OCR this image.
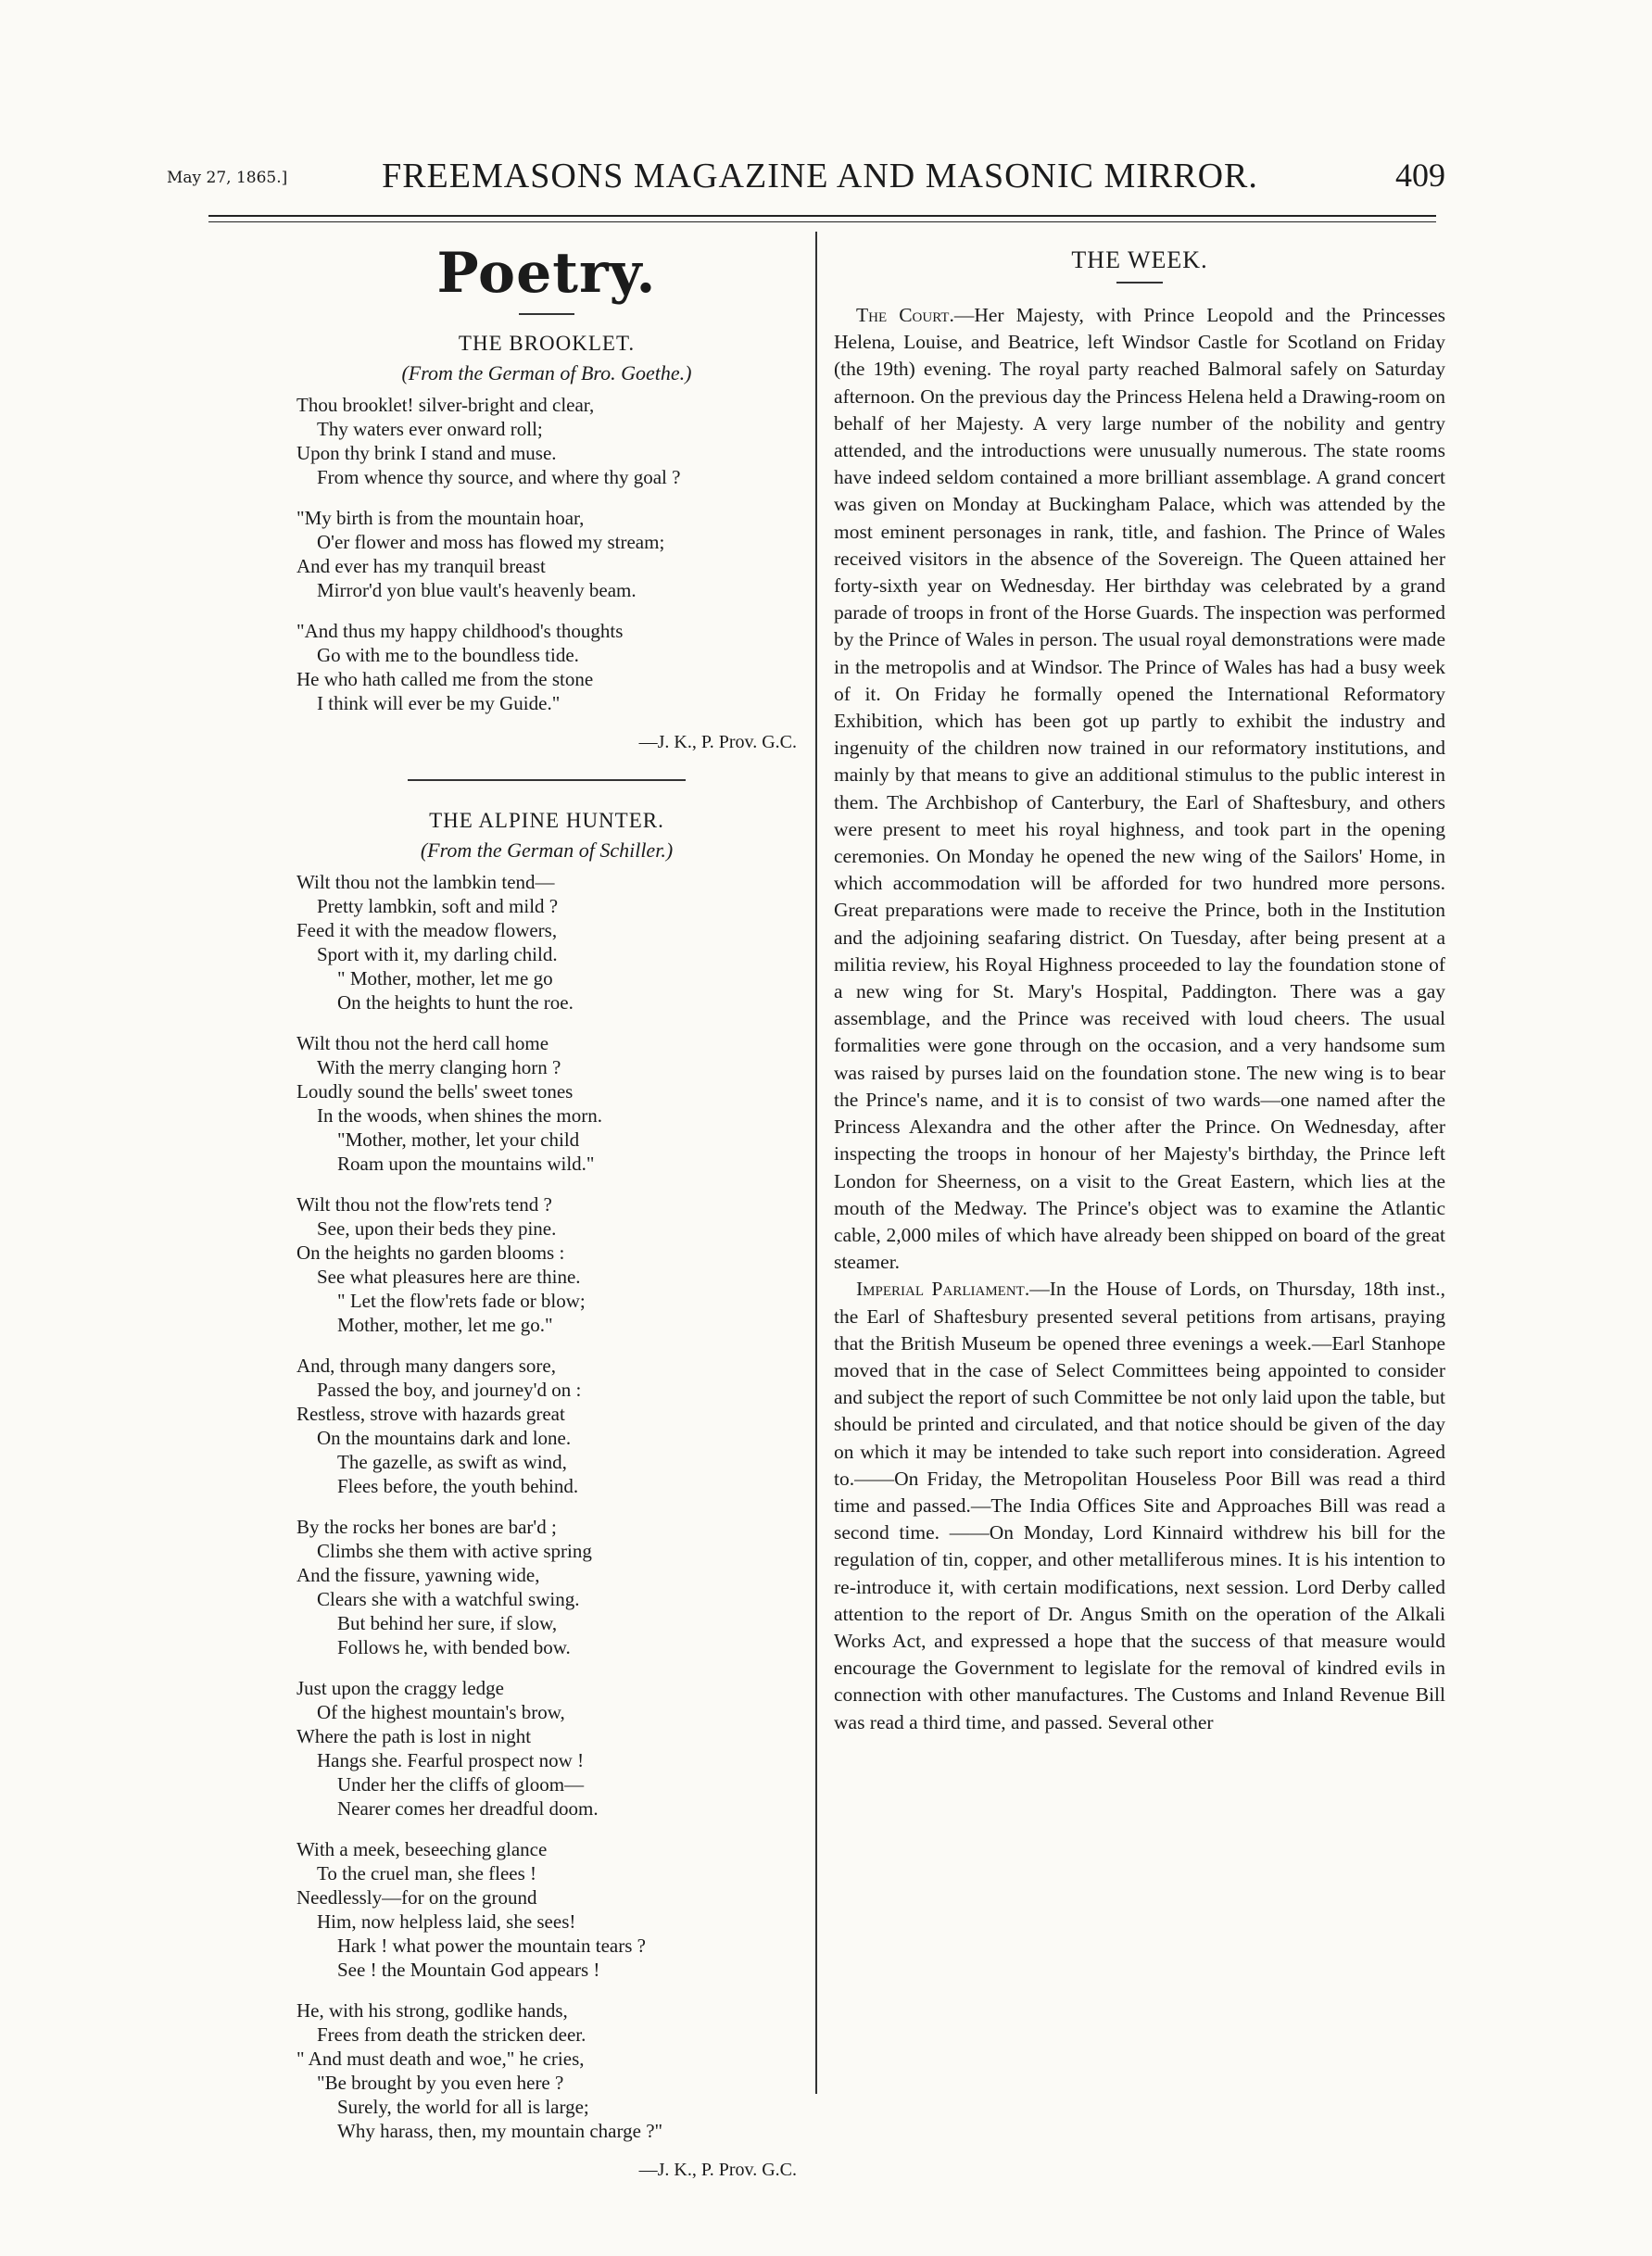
May 27, 1865.]	FREEMASONS MAGAZINE AND MASONIC MIRROR.	409
Poetry.
THE BROOKLET.
(From the German of Bro. Goethe.)
Thou brooklet! silver-bright and clear,
Thy waters ever onward roll;
Upon thy brink I stand and muse.
From whence thy source, and where thy goal ?
"My birth is from the mountain hoar,
O'er flower and moss has flowed my stream;
And ever has my tranquil breast
Mirror'd yon blue vault's heavenly beam.
"And thus my happy childhood's thoughts
Go with me to the boundless tide.
He who hath called me from the stone
I think will ever be my Guide."
—J. K., P. Prov. G.C.
THE ALPINE HUNTER.
(From the German of Schiller.)
Wilt thou not the lambkin tend—
Pretty lambkin, soft and mild ?
Feed it with the meadow flowers,
Sport with it, my darling child.
" Mother, mother, let me go
On the heights to hunt the roe.
Wilt thou not the herd call home
With the merry clanging horn ?
Loudly sound the bells' sweet tones
In the woods, when shines the morn.
"Mother, mother, let your child
Roam upon the mountains wild."
Wilt thou not the flow'rets tend ?
See, upon their beds they pine.
On the heights no garden blooms :
See what pleasures here are thine.
" Let the flow'rets fade or blow;
Mother, mother, let me go."
And, through many dangers sore,
Passed the boy, and journey'd on :
Restless, strove with hazards great
On the mountains dark and lone.
The gazelle, as swift as wind,
Flees before, the youth behind.
By the rocks her bones are bar'd ;
Climbs she them with active spring
And the fissure, yawning wide,
Clears she with a watchful swing.
But behind her sure, if slow,
Follows he, with bended bow.
Just upon the craggy ledge
Of the highest mountain's brow,
Where the path is lost in night
Hangs she. Fearful prospect now !
Under her the cliffs of gloom—
Nearer comes her dreadful doom.
With a meek, beseeching glance
To the cruel man, she flees !
Needlessly—for on the ground
Him, now helpless laid, she sees!
Hark ! what power the mountain tears ?
See ! the Mountain God appears !
He, with his strong, godlike hands,
Frees from death the stricken deer.
" And must death and woe," he cries,
"Be brought by you even here ?
Surely, the world for all is large;
Why harass, then, my mountain charge ?"
—J. K., P. Prov. G.C.
THE WEEK.

The Court.—Her Majesty, with Prince Leopold and the Princesses Helena, Louise, and Beatrice, left Windsor Castle for Scotland on Friday (the 19th) evening. The royal party reached Balmoral safely on Saturday afternoon. On the previous day the Princess Helena held a Drawing-room on behalf of her Majesty. A very large number of the nobility and gentry attended, and the introductions were unusually numerous. The state rooms have indeed seldom contained a more brilliant assemblage. A grand concert was given on Monday at Buckingham Palace, which was attended by the most eminent personages in rank, title, and fashion. The Prince of Wales received visitors in the absence of the Sovereign. The Queen attained her forty-sixth year on Wednesday. Her birthday was celebrated by a grand parade of troops in front of the Horse Guards. The inspection was performed by the Prince of Wales in person. The usual royal demonstrations were made in the metropolis and at Windsor. The Prince of Wales has had a busy week of it. On Friday he formally opened the International Reformatory Exhibition, which has been got up partly to exhibit the industry and ingenuity of the children now trained in our reformatory institutions, and mainly by that means to give an additional stimulus to the public interest in them. The Archbishop of Canterbury, the Earl of Shaftesbury, and others were present to meet his royal highness, and took part in the opening ceremonies. On Monday he opened the new wing of the Sailors' Home, in which accommodation will be afforded for two hundred more persons. Great preparations were made to receive the Prince, both in the Institution and the adjoining seafaring district. On Tuesday, after being present at a militia review, his Royal Highness proceeded to lay the foundation stone of a new wing for St. Mary's Hospital, Paddington. There was a gay assemblage, and the Prince was received with loud cheers. The usual formalities were gone through on the occasion, and a very handsome sum was raised by purses laid on the foundation stone. The new wing is to bear the Prince's name, and it is to consist of two wards—one named after the Princess Alexandra and the other after the Prince. On Wednesday, after inspecting the troops in honour of her Majesty's birthday, the Prince left London for Sheerness, on a visit to the Great Eastern, which lies at the mouth of the Medway. The Prince's object was to examine the Atlantic cable, 2,000 miles of which have already been shipped on board of the great steamer.

Imperial Parliament.—In the House of Lords, on Thursday, 18th inst., the Earl of Shaftesbury presented several petitions from artisans, praying that the British Museum be opened three evenings a week.—Earl Stanhope moved that in the case of Select Committees being appointed to consider and subject the report of such Committee be not only laid upon the table, but should be printed and circulated, and that notice should be given of the day on which it may be intended to take such report into consideration. Agreed to.——On Friday, the Metropolitan Houseless Poor Bill was read a third time and passed.—The India Offices Site and Approaches Bill was read a second time. ——On Monday, Lord Kinnaird withdrew his bill for the regulation of tin, copper, and other metalliferous mines. It is his intention to re-introduce it, with certain modifications, next session. Lord Derby called attention to the report of Dr. Angus Smith on the operation of the Alkali Works Act, and expressed a hope that the success of that measure would encourage the Government to legislate for the removal of kindred evils in connection with other manufactures. The Customs and Inland Revenue Bill was read a third time, and passed. Several other
